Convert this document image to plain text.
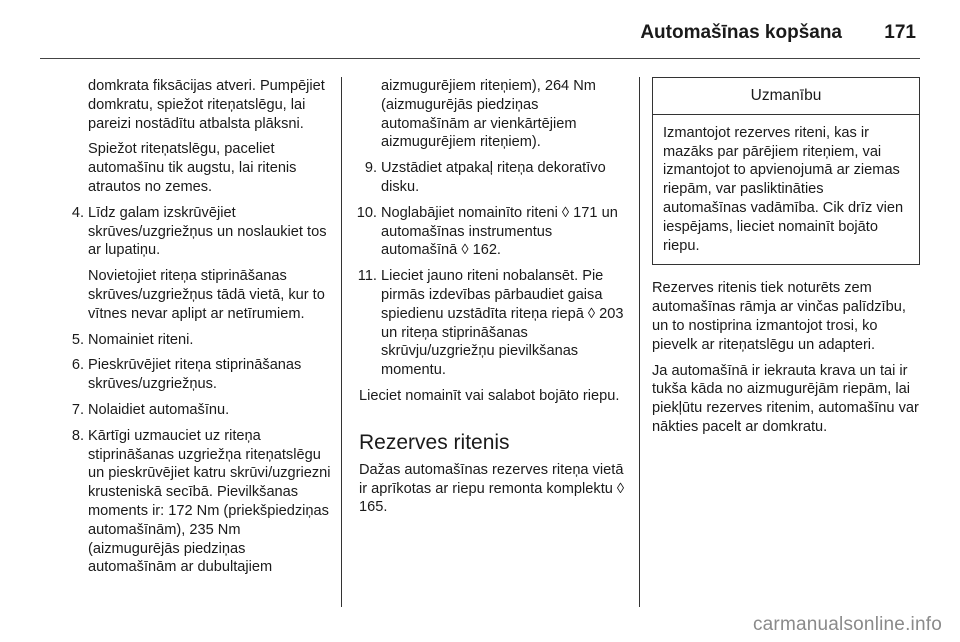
Automašīnas kopšana 171

domkrata fiksācijas atveri. Pumpējiet domkratu, spiežot riteņatslēgu, lai pareizi nostādītu atbalsta plāksni.

Spiežot riteņatslēgu, paceliet automašīnu tik augstu, lai ritenis atrautos no zemes.

4. Līdz galam izskrūvējiet skrūves/uzgriežņus un noslaukiet tos ar lupatiņu.
Novietojiet riteņa stiprināšanas skrūves/uzgriežņus tādā vietā, kur to vītnes nevar aplipt ar netīrumiem.
5. Nomainiet riteni.
6. Pieskrūvējiet riteņa stiprināšanas skrūves/uzgriežņus.
7. Nolaidiet automašīnu.
8. Kārtīgi uzmauciet uz riteņa stiprināšanas uzgriežņa riteņatslēgu un pieskrūvējiet katru skrūvi/uzgriezni krusteniskā secībā. Pievilkšanas moments ir: 172 Nm (priekšpiedziņas automašīnām), 235 Nm (aizmugurējās piedziņas automašīnām ar dubultajiem

aizmugurējiem riteņiem), 264 Nm (aizmugurējās piedziņas automašīnām ar vienkārtējiem aizmugurējiem riteņiem).

9. Uzstādiet atpakaļ riteņa dekoratīvo disku.
10. Noglabājiet nomainīto riteni ◊ 171 un automašīnas instrumentus automašīnā ◊ 162.
11. Lieciet jauno riteni nobalansēt. Pie pirmās izdevības pārbaudiet gaisa spiedienu uzstādīta riteņa riepā ◊ 203 un riteņa stiprināšanas skrūvju/uzgriežņu pievilkšanas momentu.

Lieciet nomainīt vai salabot bojāto riepu.

Rezerves ritenis

Dažas automašīnas rezerves riteņa vietā ir aprīkotas ar riepu remonta komplektu ◊ 165.

Uzmanību
Izmantojot rezerves riteni, kas ir mazāks par pārējiem riteņiem, vai izmantojot to apvienojumā ar ziemas riepām, var pasliktināties automašīnas vadāmība. Cik drīz vien iespējams, lieciet nomainīt bojāto riepu.

Rezerves ritenis tiek noturēts zem automašīnas rāmja ar vinčas palīdzību, un to nostiprina izmantojot trosi, ko pievelk ar riteņatslēgu un adapteri.

Ja automašīnā ir iekrauta krava un tai ir tukša kāda no aizmugurējām riepām, lai piekļūtu rezerves ritenim, automašīnu var nākties pacelt ar domkratu.

carmanualsonline.info
